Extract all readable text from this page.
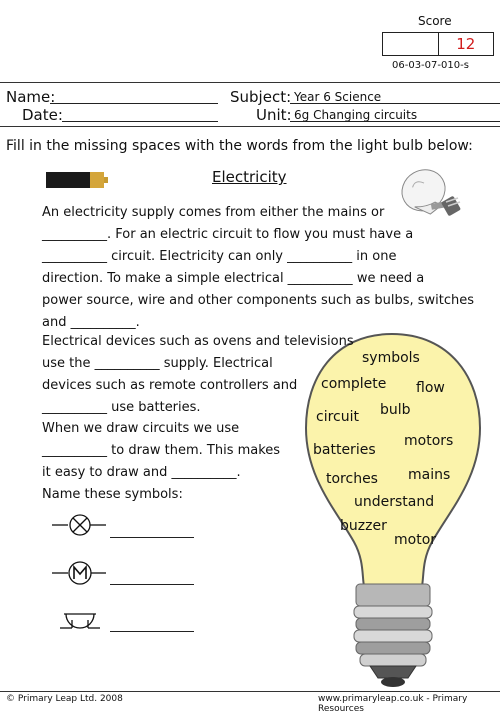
Score
12
06-03-07-010-s
Name:
Date:
Subject: Year 6 Science
Unit: 6g Changing circuits
Fill in the missing spaces with the words from the light bulb below:
Electricity
An electricity supply comes from either the mains or
__________. For an electric circuit to flow you must have a
__________ circuit. Electricity can only __________ in one
direction. To make a simple electrical __________ we need a
power source, wire and other components such as bulbs, switches
and __________.
Electrical devices such as ovens and televisions
use the __________ supply. Electrical
devices such as remote controllers and
__________ use batteries.
When we draw circuits we use
__________ to draw them. This makes
it easy to draw and __________.
Name these symbols:
symbols
complete flow
circuit bulb
batteries
motors
torches mains
understand
buzzer
motor
© Primary Leap Ltd. 2008	www.primaryleap.co.uk - Primary Resources
